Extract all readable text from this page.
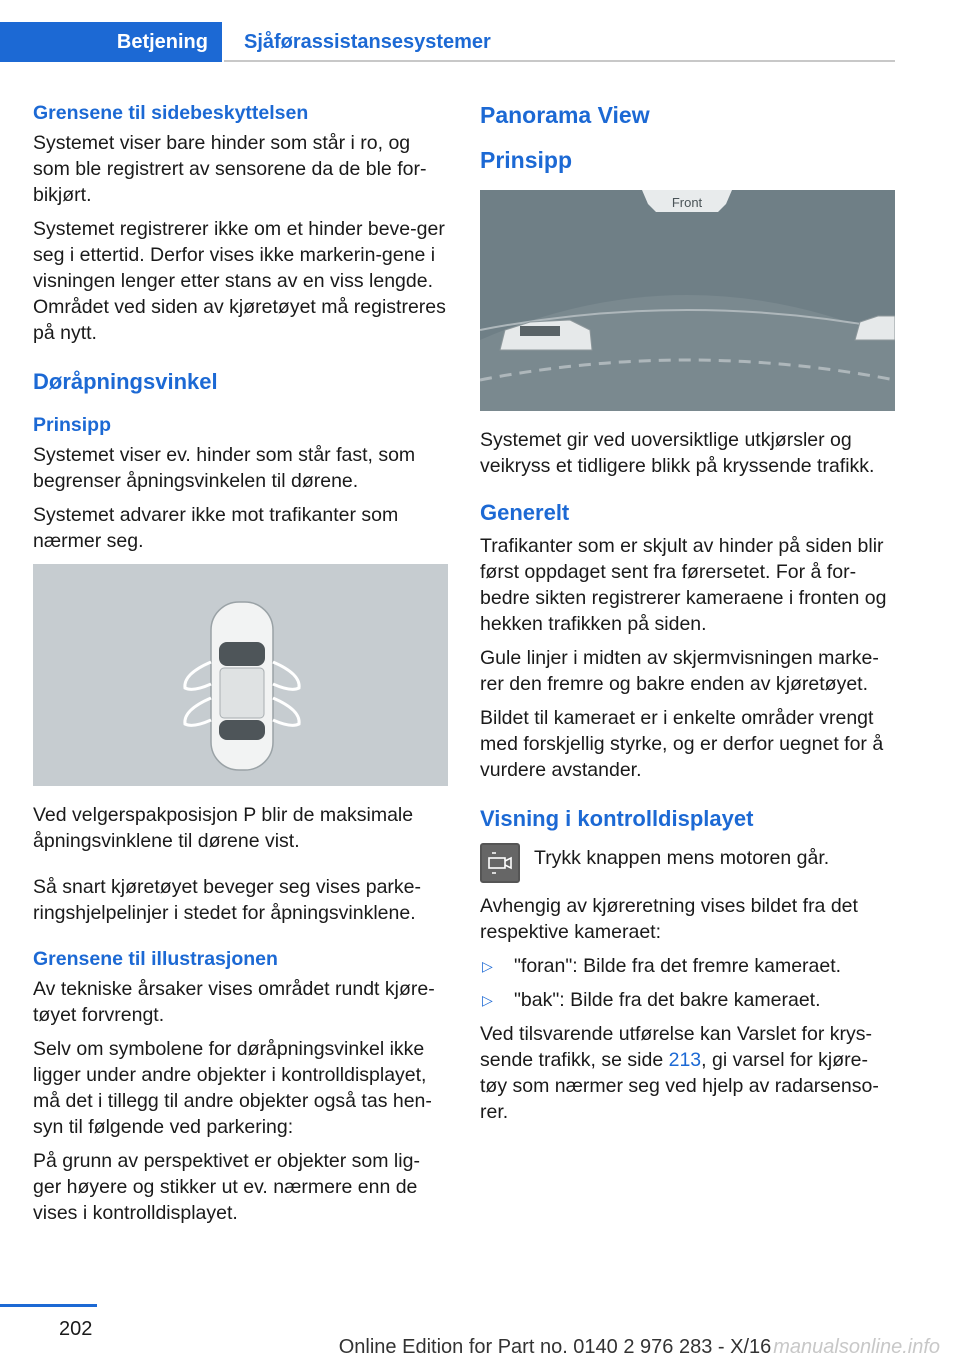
Betjening	Sjåførassistansesystemer
Grensene til sidebeskyttelsen

Systemet viser bare hinder som står i ro, og som ble registrert av sensorene da de ble for-bikjørt.

Systemet registrerer ikke om et hinder beve-ger seg i ettertid. Derfor vises ikke markerin-gene i visningen lenger etter stans av en viss lengde. Området ved siden av kjøretøyet må registreres på nytt.

Døråpningsvinkel
Prinsipp

Systemet viser ev. hinder som står fast, som begrenser åpningsvinkelen til dørene.

Systemet advarer ikke mot trafikanter som nærmer seg.

Ved velgerspakposisjon P blir de maksimale åpningsvinklene til dørene vist.

Så snart kjøretøyet beveger seg vises parke-ringshjelpelinjer i stedet for åpningsvinklene.

Grensene til illustrasjonen

Av tekniske årsaker vises området rundt kjøre-tøyet forvrengt.

Selv om symbolene for døråpningsvinkel ikke ligger under andre objekter i kontrolldisplayet, må det i tillegg til andre objekter også tas hen-syn til følgende ved parkering:

På grunn av perspektivet er objekter som lig-ger høyere og stikker ut ev. nærmere enn de vises i kontrolldisplayet.

Panorama View
Prinsipp
Front

Systemet gir ved uoversiktlige utkjørsler og veikryss et tidligere blikk på kryssende trafikk.

Generelt

Trafikanter som er skjult av hinder på siden blir først oppdaget sent fra førersetet. For å for-bedre sikten registrerer kameraene i fronten og hekken trafikken på siden.

Gule linjer i midten av skjermvisningen marke-rer den fremre og bakre enden av kjøretøyet.

Bildet til kameraet er i enkelte områder vrengt med forskjellig styrke, og er derfor uegnet for å vurdere avstander.

Visning i kontrolldisplayet

Trykk knappen mens motoren går.

Avhengig av kjøreretning vises bildet fra det respektive kameraet:

▷	"foran": Bilde fra det fremre kameraet.
▷	"bak": Bilde fra det bakre kameraet.

Ved tilsvarende utførelse kan Varslet for krys-sende trafikk, se side 213, gi varsel for kjøre-tøy som nærmer seg ved hjelp av radarsenso-rer.

202
Online Edition for Part no. 0140 2 976 283 - X/16 manualsonline.info
